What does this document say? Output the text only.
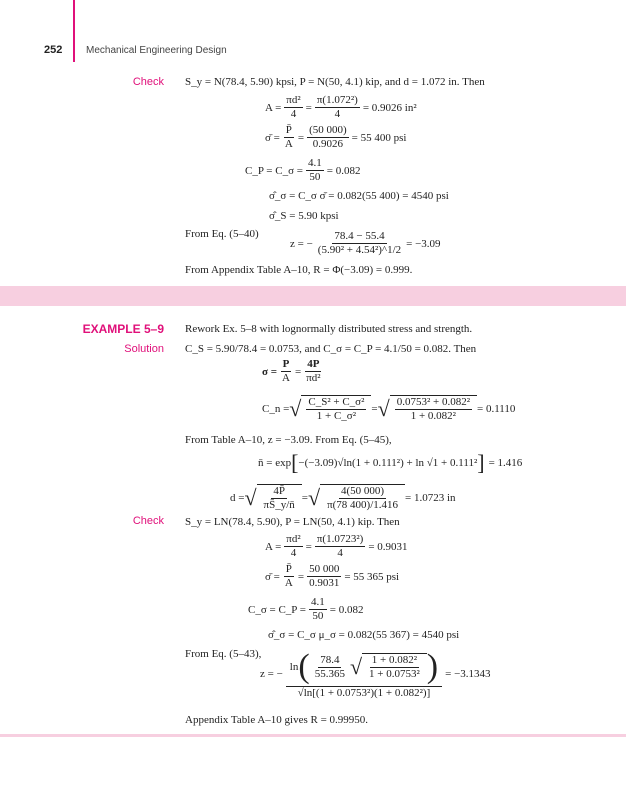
252 Mechanical Engineering Design
Check S_y = N(78.4, 5.90) kpsi, P = N(50, 4.1) kip, and d = 1.072 in. Then
$A = \frac{\text{πd²}}{4} = \frac{\text{π(1.072²)}}{4} = 0.9026$ in²
σ̄ = $\frac{P̄}{A} = \frac{(50 000)}{0.9026} = 55$ 400 psi
C_P = C_σ = $\frac{4.1}{50} = 0.082$
σ̂_σ = C_σ σ̄ = 0.082(55 400) = 4540 psi
σ̂_S = 5.90 kpsi
From Eq. (5–40)
z = − $\frac{78.4 - 55.4}{\text{(5.90² + 4.54²)\textasciicircum{}1/2}} = -3.09$
From Appendix Table A–10, R = Φ(−3.09) = 0.999.
EXAMPLE 5–9 Rework Ex. 5–8 with lognormally distributed stress and strength.
Solution C_S = 5.90/78.4 = 0.0753, and C_σ = C_P = 4.1/50 = 0.082. Then
$\sigma = \frac{P}{A} = \frac{4P}{\text{πd²}}$
C_n = √ $\frac{\text{C\_S² + C\_σ²}}{\text{1 + C\_σ²}}$ = √ $\frac{\text{0.0753² + 0.082²}}{\text{1 + 0.082²}} = 0.1110$
From Table A–10, z = −3.09. From Eq. (5–45),
n̄ = exp [ −(−3.09)√ln(1 + 0.111²) + ln √1 + 0.111² ] = 1.416
d = √ $\frac{4P̄}{\pi S̄\_y/n̄}$ = √ $\frac{4(50 000)}{\pi(78 400)/1.416} = 1.0723$ in
Check S_y = LN(78.4, 5.90), P = LN(50, 4.1) kip. Then
$A = \frac{\text{πd²}}{4} = \frac{\text{π(1.0723²)}}{4} = 0.9031$
σ̄ = $\frac{P̄}{A} = \frac{50 000}{0.9031} = 55$ 365 psi
C_σ = C_P = $\frac{4.1}{50} = 0.082$
σ̂_σ = C_σ μ_σ = 0.082(55 367) = 4540 psi
From Eq. (5–43),
z = −
ln ( $\frac{78.4}{55.365}$ √ $\frac{\text{1 + 0.082²}}{\text{1 + 0.0753²}}$ )
√ln[(1 + 0.0753²)(1 + 0.082²)]
= −3.1343
Appendix Table A–10 gives R = 0.99950.
